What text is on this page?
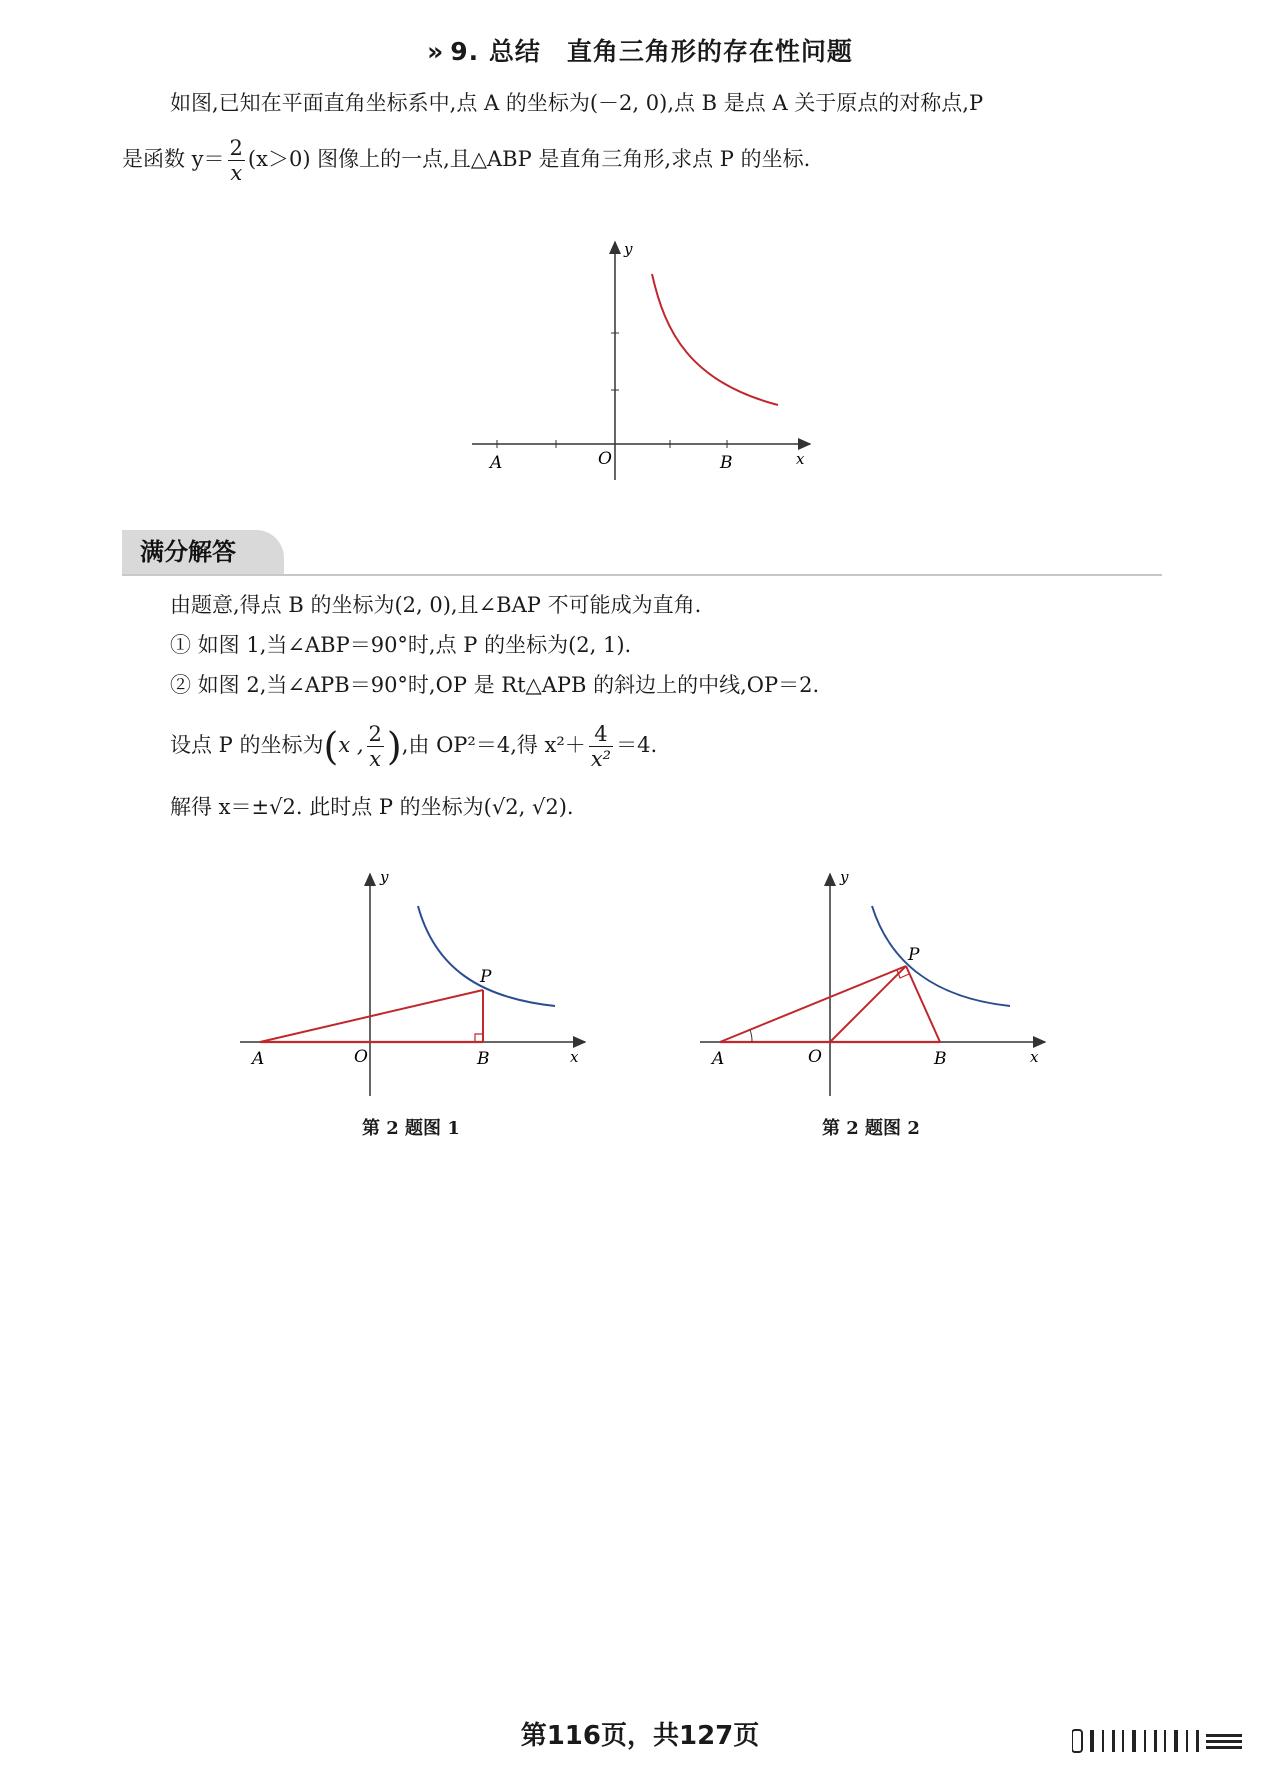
» 9. 总结　直角三角形的存在性问题
如图,已知在平面直角坐标系中,点 A 的坐标为(－2, 0),点 B 是点 A 关于原点的对称点,P
是函数 $y= \frac{2}{x} (x>0)$ 图像上的一点,且△ABP 是直角三角形,求点 P 的坐标.
y
x
O
A	B
满分解答
由题意,得点 B 的坐标为(2, 0),且∠BAP 不可能成为直角.
① 如图 1,当∠ABP＝90°时,点 P 的坐标为(2, 1).
② 如图 2,当∠APB＝90°时,OP 是 Rt△APB 的斜边上的中线,OP＝2.
设点 P 的坐标为(x , $\frac{2}{x}$ ),由 OP²＝4,得 $x^2+ \frac{4}{\text{x²}} =4$.
解得 x＝±√2. 此时点 P 的坐标为(√2, √2).
y
x
O
A	B
P
第 2 题图 1
y
x
O
A	B
P
第 2 题图 2
第116页，共127页
